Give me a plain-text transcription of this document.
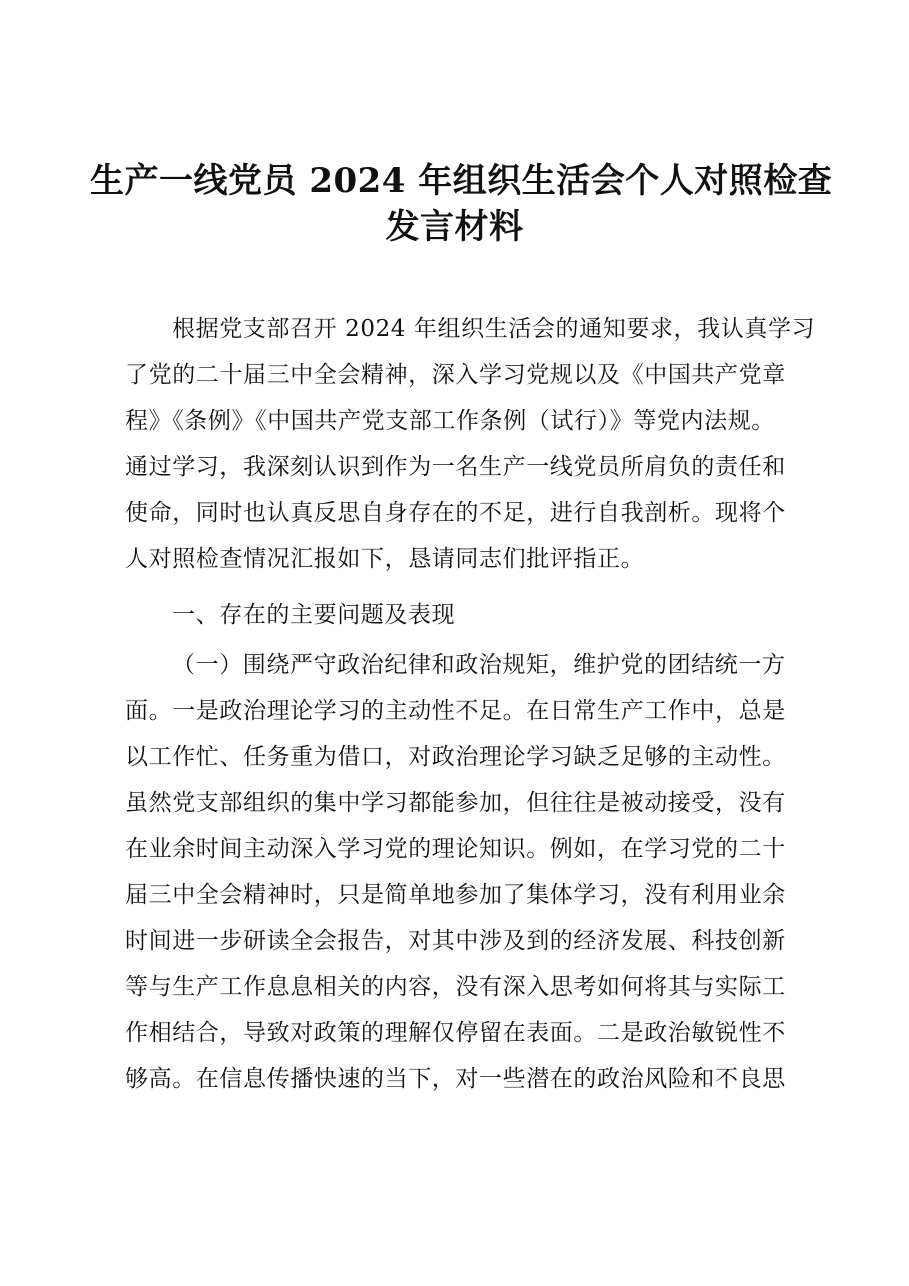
生产一线党员 2024 年组织生活会个人对照检查
发言材料
根据党支部召开 2024 年组织生活会的通知要求，我认真学习
了党的二十届三中全会精神，深入学习党规以及《中国共产党章
程》《条例》《中国共产党支部工作条例（试行）》等党内法规。
通过学习，我深刻认识到作为一名生产一线党员所肩负的责任和
使命，同时也认真反思自身存在的不足，进行自我剖析。现将个
人对照检查情况汇报如下，恳请同志们批评指正。
一、存在的主要问题及表现
（一）围绕严守政治纪律和政治规矩，维护党的团结统一方
面。一是政治理论学习的主动性不足。在日常生产工作中，总是
以工作忙、任务重为借口，对政治理论学习缺乏足够的主动性。
虽然党支部组织的集中学习都能参加，但往往是被动接受，没有
在业余时间主动深入学习党的理论知识。例如，在学习党的二十
届三中全会精神时，只是简单地参加了集体学习，没有利用业余
时间进一步研读全会报告，对其中涉及到的经济发展、科技创新
等与生产工作息息相关的内容，没有深入思考如何将其与实际工
作相结合，导致对政策的理解仅停留在表面。二是政治敏锐性不
够高。在信息传播快速的当下，对一些潜在的政治风险和不良思
